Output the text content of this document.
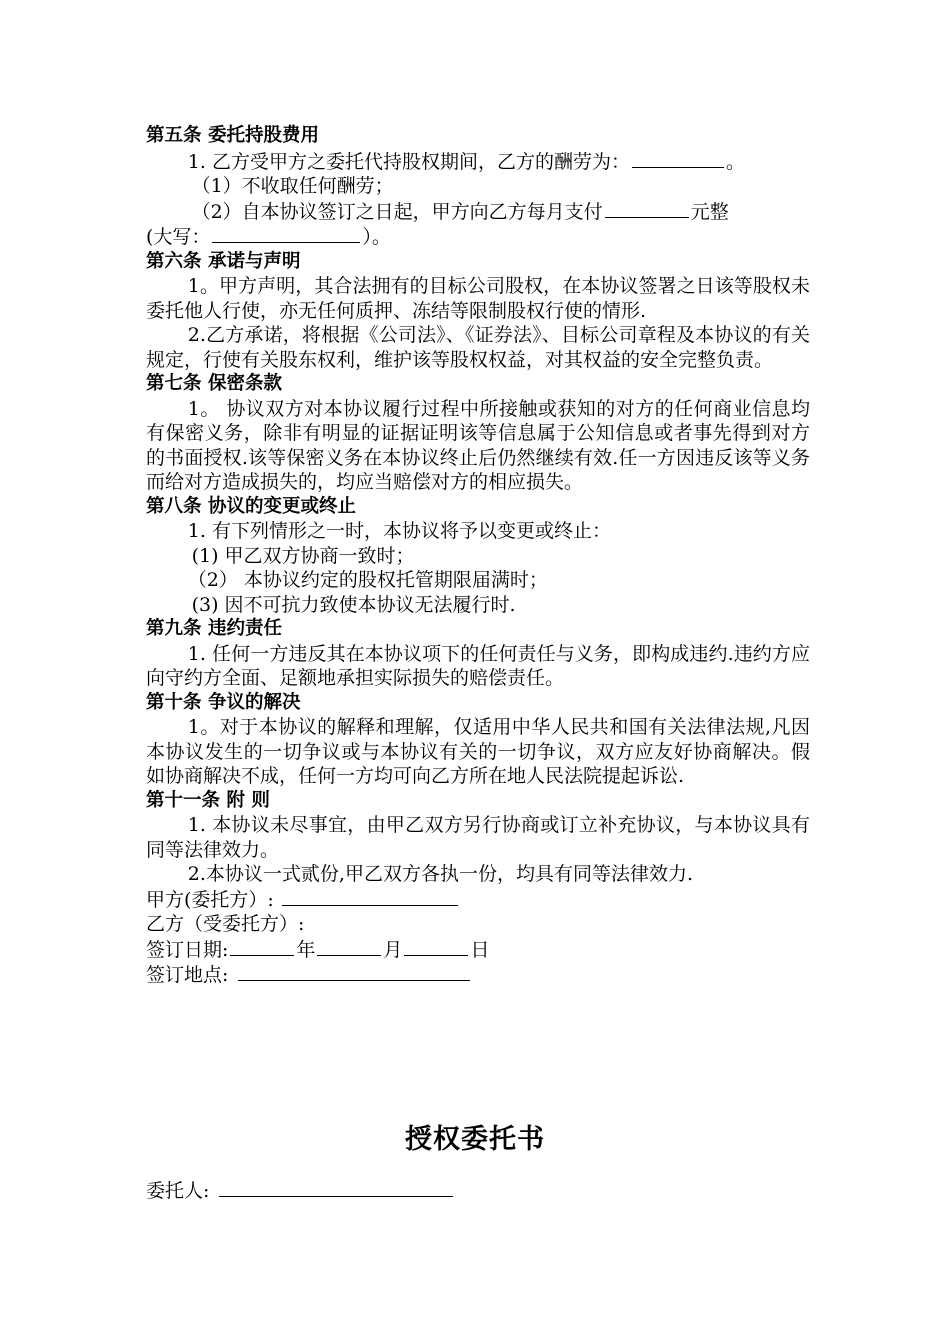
第五条 委托持股费用
1. 乙方受甲方之委托代持股权期间，乙方的酬劳为：	。
（1）不收取任何酬劳；
（2）自本协议签订之日起，甲方向乙方每月支付	元整
(大写：	）。
第六条 承诺与声明
1。甲方声明，其合法拥有的目标公司股权，在本协议签署之日该等股权未委托他人行使，亦无任何质押、冻结等限制股权行使的情形.
2.乙方承诺，将根据《公司法》、《证券法》、目标公司章程及本协议的有关规定，行使有关股东权利，维护该等股权权益，对其权益的安全完整负责。
第七条 保密条款
1。 协议双方对本协议履行过程中所接触或获知的对方的任何商业信息均有保密义务，除非有明显的证据证明该等信息属于公知信息或者事先得到对方的书面授权.该等保密义务在本协议终止后仍然继续有效.任一方因违反该等义务而给对方造成损失的，均应当赔偿对方的相应损失。
第八条 协议的变更或终止
1. 有下列情形之一时，本协议将予以变更或终止：
(1) 甲乙双方协商一致时；
（2） 本协议约定的股权托管期限届满时；
(3) 因不可抗力致使本协议无法履行时.
第九条 违约责任
1. 任何一方违反其在本协议项下的任何责任与义务，即构成违约.违约方应向守约方全面、足额地承担实际损失的赔偿责任。
第十条 争议的解决
1。对于本协议的解释和理解，仅适用中华人民共和国有关法律法规,凡因本协议发生的一切争议或与本协议有关的一切争议，双方应友好协商解决。假如协商解决不成，任何一方均可向乙方所在地人民法院提起诉讼.
第十一条 附 则
1. 本协议未尽事宜，由甲乙双方另行协商或订立补充协议，与本协议具有同等法律效力。
2.本协议一式贰份,甲乙双方各执一份，均具有同等法律效力.
甲方(委托方）:
乙方（受委托方）:
签订日期:	年	月	日
签订地点:
授权委托书
委托人:
